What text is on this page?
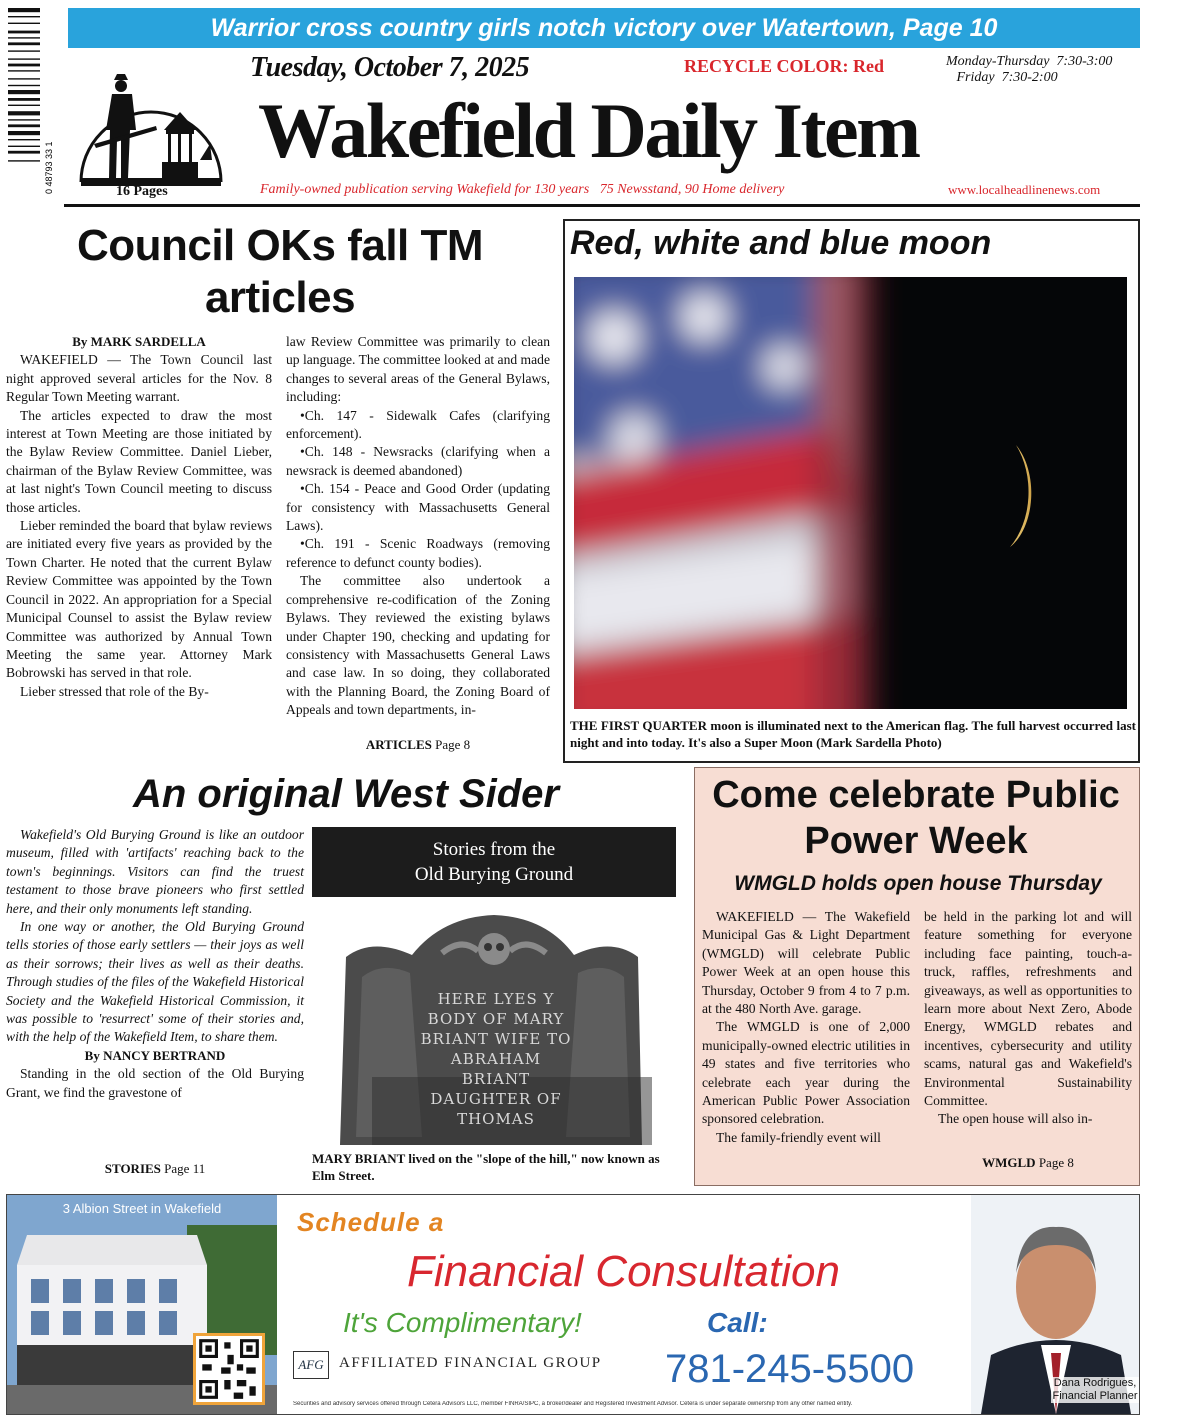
Warrior cross country girls notch victory over Watertown, Page 10
0 48793 33 1	16 Pages
Tuesday, October 7, 2025	RECYCLE COLOR: Red	Monday-Thursday  7:30-3:00
Friday  7:30-2:00
Wakefield Daily Item
Family-owned publication serving Wakefield for 130 years   75 Newsstand, 90 Home delivery	www.localheadlinenews.com
Council OKs fall TM articles

By MARK SARDELLA

WAKEFIELD — The Town Council last night approved several articles for the Nov. 8 Regular Town Meeting warrant.

The articles expected to draw the most interest at Town Meeting are those initiated by the Bylaw Review Committee. Daniel Lieber, chairman of the Bylaw Review Committee, was at last night's Town Council meeting to discuss those articles.

Lieber reminded the board that bylaw reviews are initiated every five years as provided by the Town Charter. He noted that the current Bylaw Review Committee was appointed by the Town Council in 2022. An appropriation for a Special Municipal Counsel to assist the Bylaw review Committee was authorized by Annual Town Meeting the same year. Attorney Mark Bobrowski has served in that role.

Lieber stressed that role of the By-

law Review Committee was primarily to clean up language. The committee looked at and made changes to several areas of the General Bylaws, including:

•Ch. 147 - Sidewalk Cafes (clarifying enforcement).

•Ch. 148 - Newsracks (clarifying when a newsrack is deemed abandoned)

•Ch. 154 - Peace and Good Order (updating for consistency with Massachusetts General Laws).

•Ch. 191 - Scenic Roadways (removing reference to defunct county bodies).

The committee also undertook a comprehensive re-codification of the Zoning Bylaws. They reviewed the existing bylaws under Chapter 190, checking and updating for consistency with Massachusetts General Laws and case law. In so doing, they collaborated with the Planning Board, the Zoning Board of Appeals and town departments, in-

ARTICLES Page 8
Red, white and blue moon
THE FIRST QUARTER moon is illuminated next to the American flag. The full harvest occurred last night and into today. It's also a Super Moon (Mark Sardella Photo)
An original West Sider

Wakefield's Old Burying Ground is like an outdoor museum, filled with 'artifacts' reaching back to the town's beginnings. Visitors can find the truest testament to those brave pioneers who first settled here, and their only monuments left standing.

In one way or another, the Old Burying Ground tells stories of those early settlers — their joys as well as their sorrows; their lives as well as their deaths. Through studies of the files of the Wakefield Historical Society and the Wakefield Historical Commission, it was possible to 'resurrect' some of their stories and, with the help of the Wakefield Item, to share them.

By NANCY BERTRAND

Standing in the old section of the Old Burying Grant, we find the gravestone of

STORIES Page 11
Stories from the
Old Burying Ground
HERE LYES Y BODY OF MARY BRIANT WIFE TO ABRAHAM BRIANT DAUGHTER OF THOMAS
MARY BRIANT lived on the "slope of the hill," now known as Elm Street.
Come celebrate Public Power Week
WMGLD holds open house Thursday

WAKEFIELD — The Wakefield Municipal Gas & Light Department (WMGLD) will celebrate Public Power Week at an open house this Thursday, October 9 from 4 to 7 p.m. at the 480 North Ave. garage.

The WMGLD is one of 2,000 municipally-owned electric utilities in 49 states and five territories who celebrate each year during the American Public Power Association sponsored celebration.

The family-friendly event will

be held in the parking lot and will feature something for everyone including face painting, touch-a-truck, raffles, refreshments and giveaways, as well as opportunities to learn more about Next Zero, Abode Energy, WMGLD rebates and incentives, cybersecurity and utility scams, natural gas and Wakefield's Environmental Sustainability Committee.

The open house will also in-

WMGLD Page 8
3 Albion Street in Wakefield	Schedule a
Financial Consultation
It's Complimentary!	Call:
781-245-5500
AFG	AFFILIATED FINANCIAL GROUP
Dana Rodrigues, Financial Planner
Securities and advisory services offered through Cetera Advisors LLC, member FINRA/SIPC, a broker/dealer and Registered Investment Advisor. Cetera is under separate ownership from any other named entity.
